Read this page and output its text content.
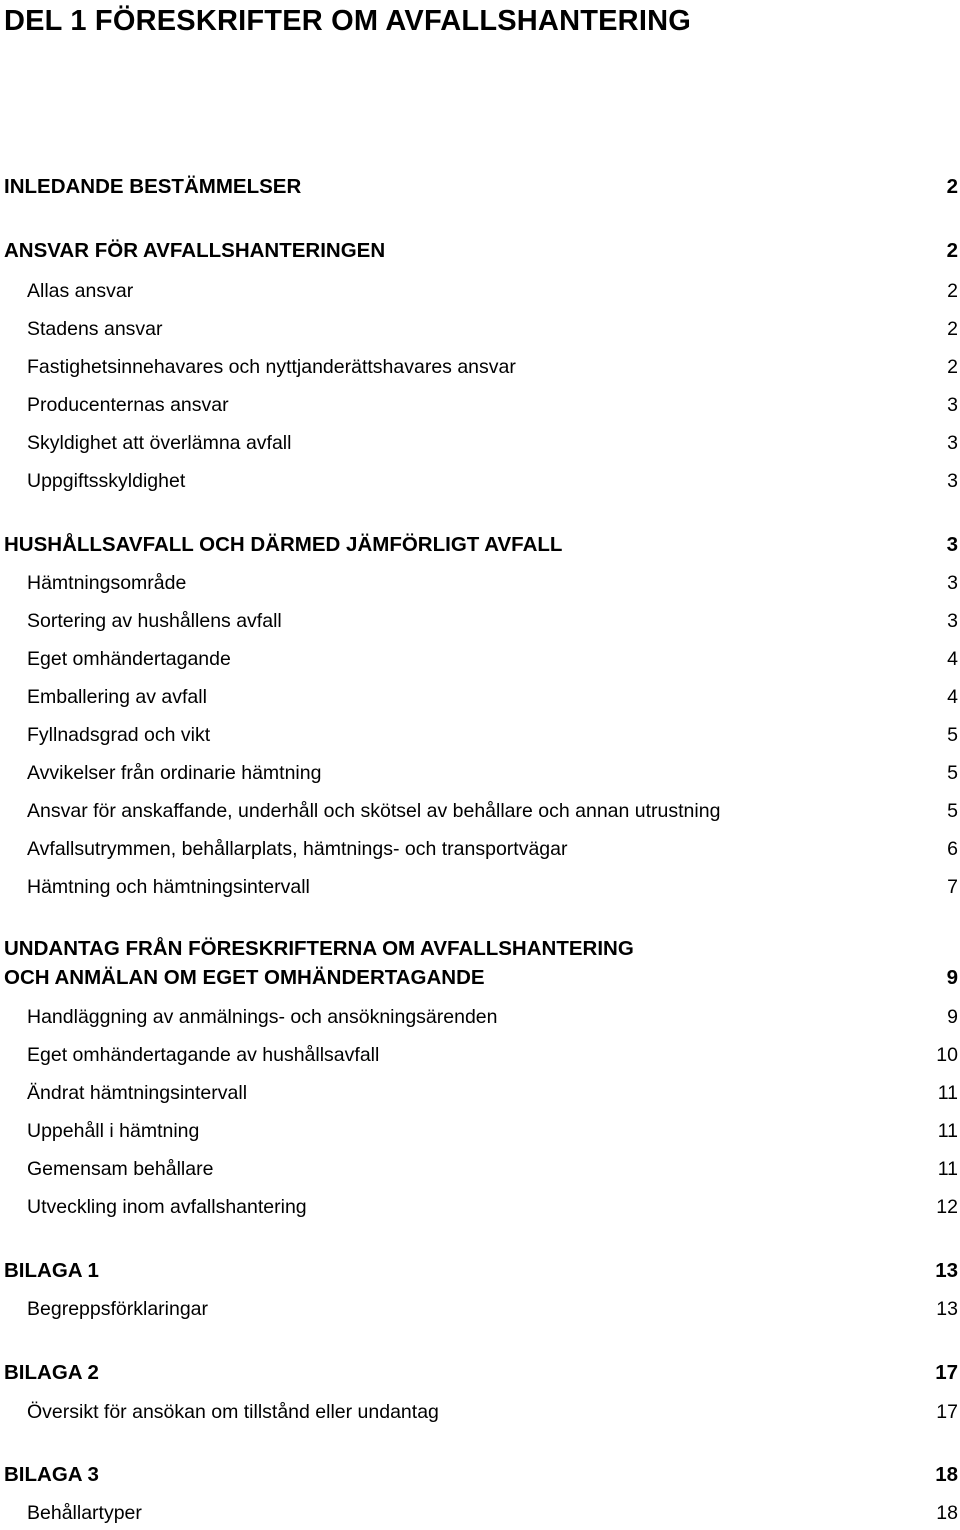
DEL 1 FÖRESKRIFTER OM AVFALLSHANTERING
INLEDANDE BESTÄMMELSER	2
ANSVAR FÖR AVFALLSHANTERINGEN	2
Allas ansvar	2
Stadens ansvar	2
Fastighetsinnehavares och nyttjanderättshavares ansvar	2
Producenternas ansvar	3
Skyldighet att överlämna avfall	3
Uppgiftsskyldighet	3
HUSHÅLLSAVFALL OCH DÄRMED JÄMFÖRLIGT AVFALL	3
Hämtningsområde	3
Sortering av hushållens avfall	3
Eget omhändertagande	4
Emballering av avfall	4
Fyllnadsgrad och vikt	5
Avvikelser från ordinarie hämtning	5
Ansvar för anskaffande, underhåll och skötsel av behållare och annan utrustning	5
Avfallsutrymmen, behållarplats, hämtnings- och transportvägar	6
Hämtning och hämtningsintervall	7
UNDANTAG FRÅN FÖRESKRIFTERNA OM AVFALLSHANTERING
OCH ANMÄLAN OM EGET OMHÄNDERTAGANDE	9
Handläggning av anmälnings- och ansökningsärenden	9
Eget omhändertagande av hushållsavfall	10
Ändrat hämtningsintervall	11
Uppehåll i hämtning	11
Gemensam behållare	11
Utveckling inom avfallshantering	12
BILAGA 1	13
Begreppsförklaringar	13
BILAGA 2	17
Översikt för ansökan om tillstånd eller undantag	17
BILAGA 3	18
Behållartyper	18
